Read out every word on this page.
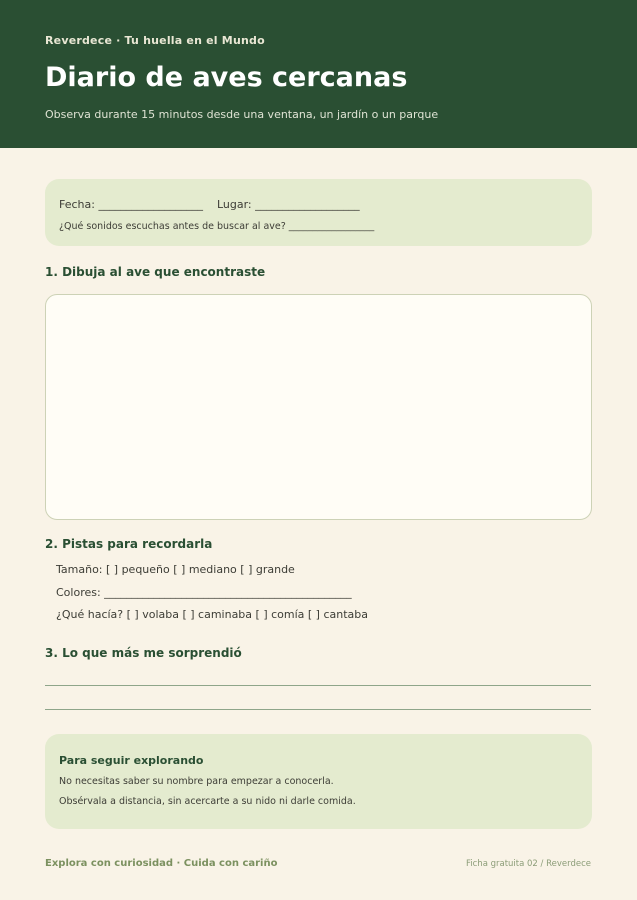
Reverdece · Tu huella en el Mundo
Diario de aves cercanas
Observa durante 15 minutos desde una ventana, un jardín o un parque
Fecha: ___________________ Lugar: ___________________
¿Qué sonidos escuchas antes de buscar al ave? __________________
1. Dibuja al ave que encontraste
2. Pistas para recordarla
Tamaño: [ ] pequeño [ ] mediano [ ] grande
Colores: _____________________________________________
¿Qué hacía? [ ] volaba [ ] caminaba [ ] comía [ ] cantaba
3. Lo que más me sorprendió
Para seguir explorando
No necesitas saber su nombre para empezar a conocerla.
Obsérvala a distancia, sin acercarte a su nido ni darle comida.
Explora con curiosidad · Cuida con cariño	Ficha gratuita 02 / Reverdece
